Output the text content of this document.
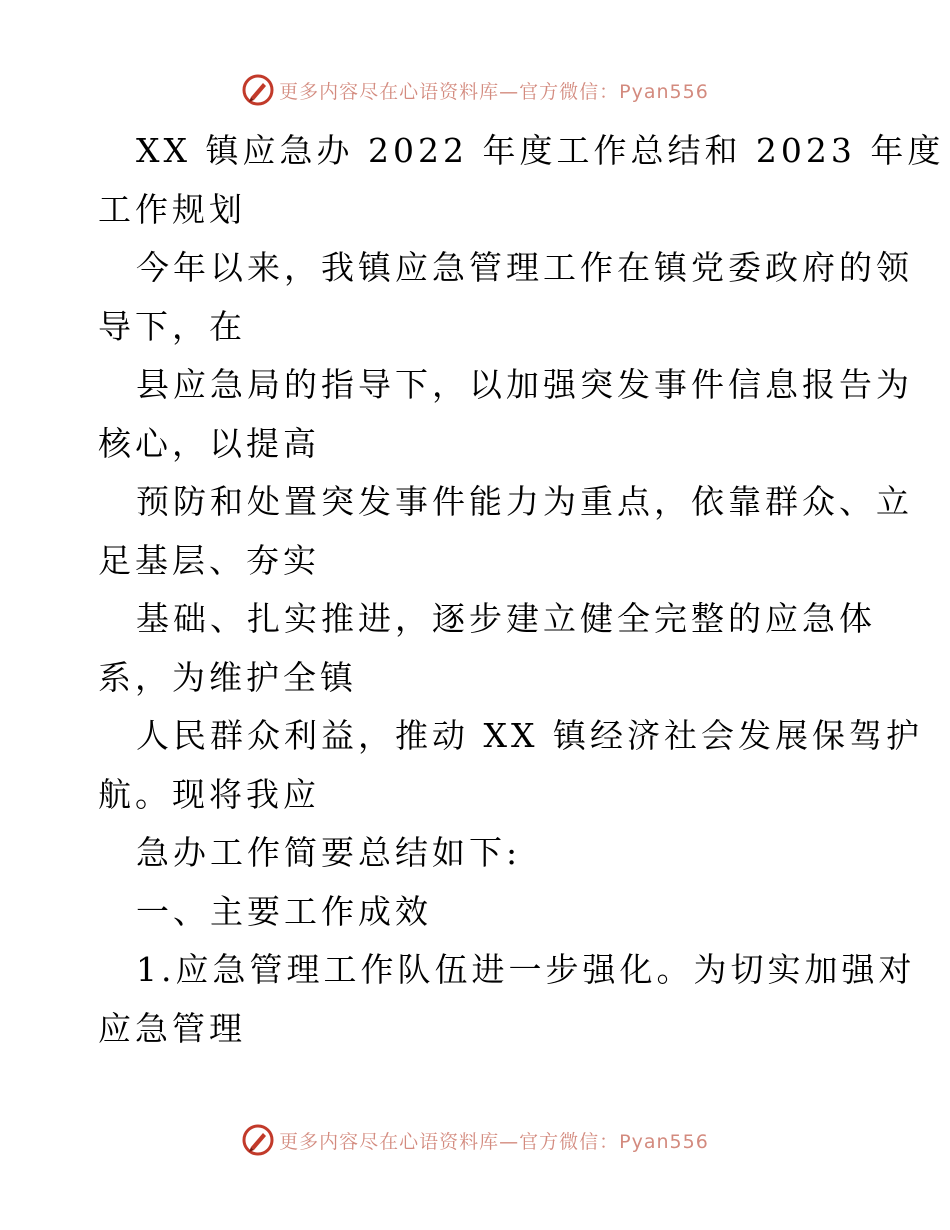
更多内容尽在心语资料库—官方微信：Pyan556
XX 镇应急办 2022 年度工作总结和 2023 年度
工作规划
今年以来，我镇应急管理工作在镇党委政府的领
导下，在
县应急局的指导下，以加强突发事件信息报告为
核心，以提高
预防和处置突发事件能力为重点，依靠群众、立
足基层、夯实
基础、扎实推进，逐步建立健全完整的应急体
系，为维护全镇
人民群众利益，推动 XX 镇经济社会发展保驾护
航。现将我应
急办工作简要总结如下:
一、主要工作成效
1.应急管理工作队伍进一步强化。为切实加强对
应急管理
更多内容尽在心语资料库—官方微信：Pyan556
